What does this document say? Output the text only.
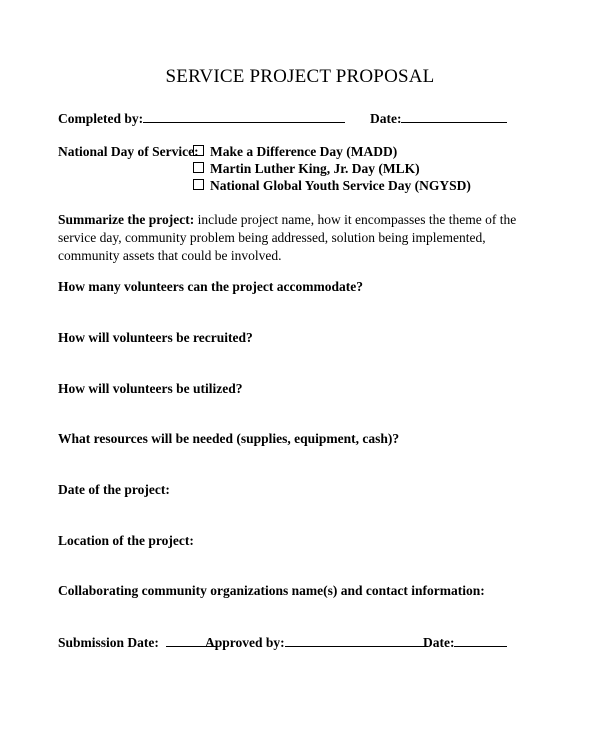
SERVICE PROJECT PROPOSAL
Completed by:	Date:
National Day of Service: Make a Difference Day (MADD)
Martin Luther King, Jr. Day (MLK)
National Global Youth Service Day (NGYSD)
Summarize the project: include project name, how it encompasses the theme of the service day, community problem being addressed, solution being implemented, community assets that could be involved.
How many volunteers can the project accommodate?
How will volunteers be recruited?
How will volunteers be utilized?
What resources will be needed (supplies, equipment, cash)?
Date of the project:
Location of the project:
Collaborating community organizations name(s) and contact information:
Submission Date:	Approved by:	Date:
